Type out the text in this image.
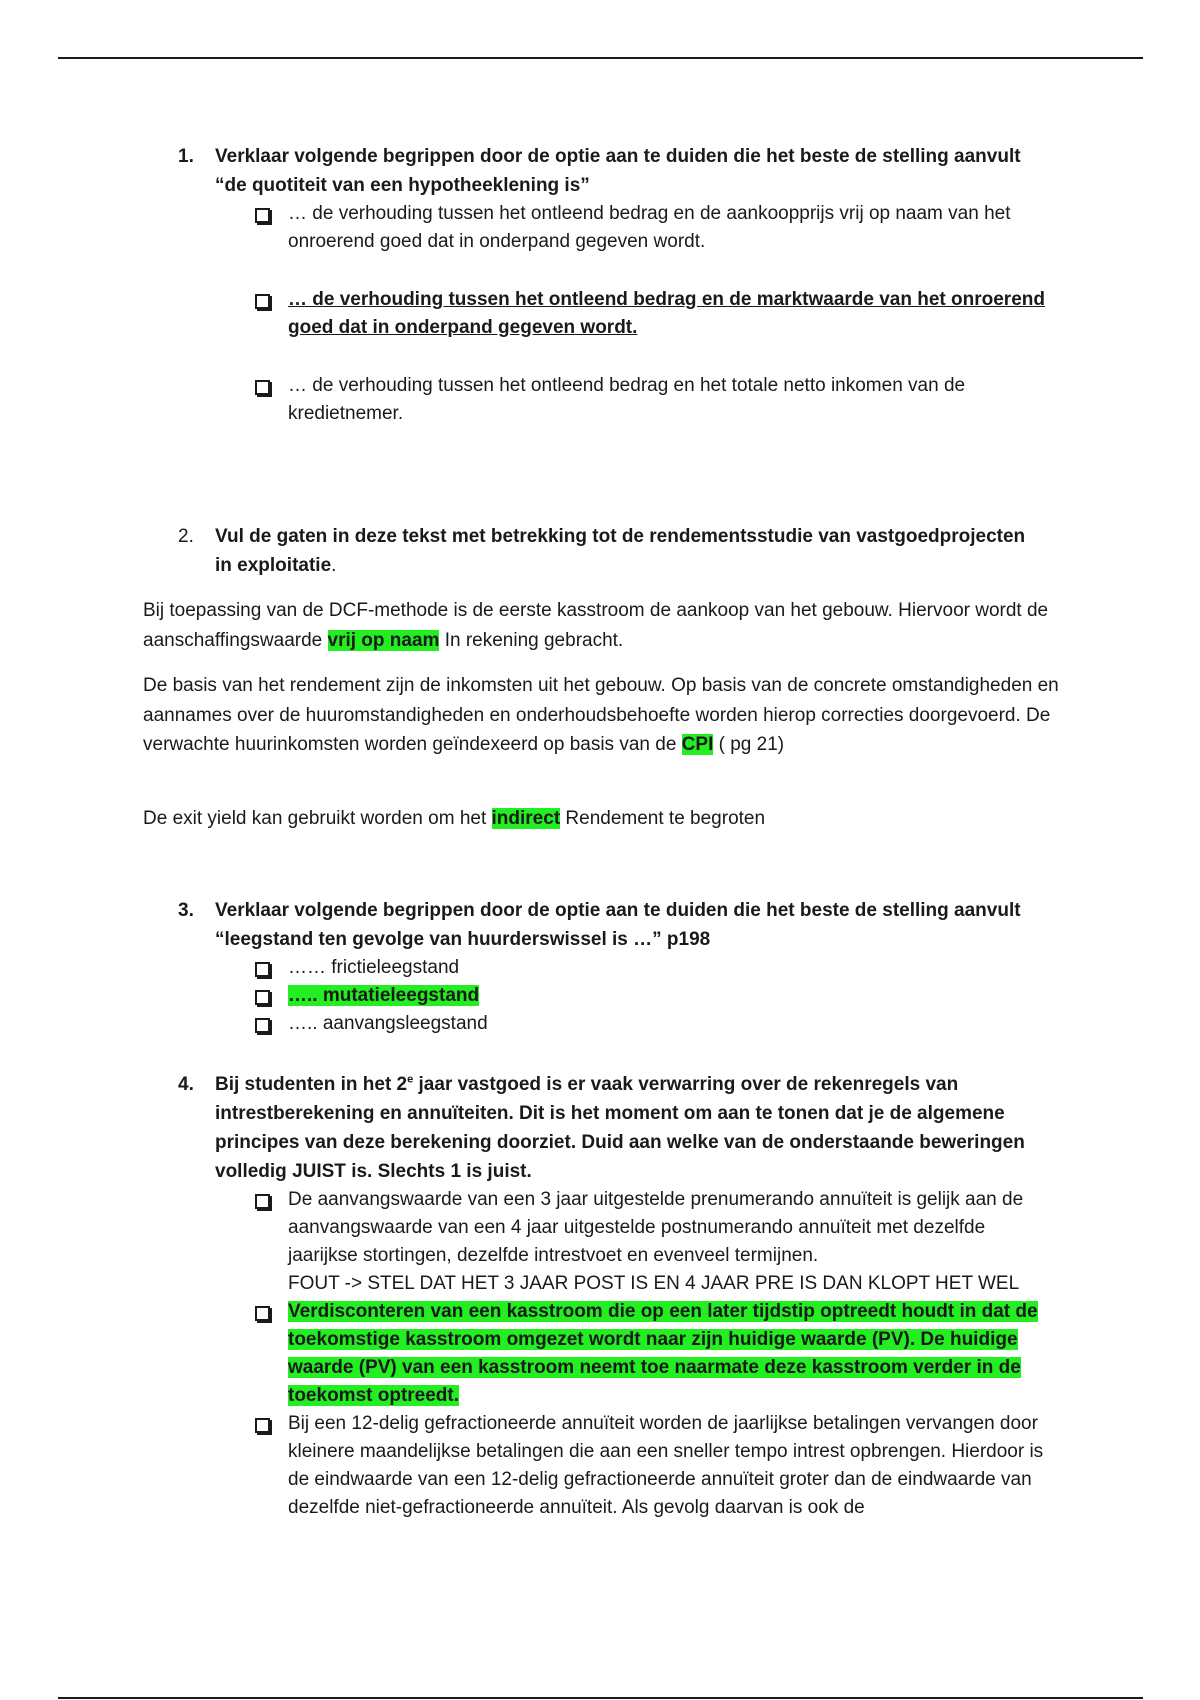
1. Verklaar volgende begrippen door de optie aan te duiden die het beste de stelling aanvult
“de quotiteit van een hypotheeklening is”
… de verhouding tussen het ontleend bedrag en de aankoopprijs vrij op naam van het onroerend goed dat in onderpand gegeven wordt.
… de verhouding tussen het ontleend bedrag en de marktwaarde van het onroerend goed dat in onderpand gegeven wordt.
… de verhouding tussen het ontleend bedrag en het totale netto inkomen van de kredietnemer.
2. Vul de gaten in deze tekst met betrekking tot de rendementsstudie van vastgoedprojecten in exploitatie.

Bij toepassing van de DCF-methode is de eerste kasstroom de aankoop van het gebouw. Hiervoor wordt de aanschaffingswaarde vrij op naam In rekening gebracht.

De basis van het rendement zijn de inkomsten uit het gebouw. Op basis van de concrete omstandigheden en aannames over de huuromstandigheden en onderhoudsbehoefte worden hierop correcties doorgevoerd. De verwachte huurinkomsten worden geïndexeerd op basis van de CPI ( pg 21)

De exit yield kan gebruikt worden om het indirect Rendement te begroten

3. Verklaar volgende begrippen door de optie aan te duiden die het beste de stelling aanvult
“leegstand ten gevolge van huurderswissel is …” p198
…… frictieleegstand
….. mutatieleegstand
….. aanvangsleegstand
4. Bij studenten in het 2e jaar vastgoed is er vaak verwarring over de rekenregels van intrestberekening en annuïteiten. Dit is het moment om aan te tonen dat je de algemene principes van deze berekening doorziet. Duid aan welke van de onderstaande beweringen volledig JUIST is. Slechts 1 is juist.
De aanvangswaarde van een 3 jaar uitgestelde prenumerando annuïteit is gelijk aan de aanvangswaarde van een 4 jaar uitgestelde postnumerando annuïteit met dezelfde jaarijkse stortingen, dezelfde intrestvoet en evenveel termijnen.
FOUT -> STEL DAT HET 3 JAAR POST IS EN 4 JAAR PRE IS DAN KLOPT HET WEL
Verdisconteren van een kasstroom die op een later tijdstip optreedt houdt in dat de toekomstige kasstroom omgezet wordt naar zijn huidige waarde (PV). De huidige waarde (PV) van een kasstroom neemt toe naarmate deze kasstroom verder in de toekomst optreedt.
Bij een 12-delig gefractioneerde annuïteit worden de jaarlijkse betalingen vervangen door kleinere maandelijkse betalingen die aan een sneller tempo intrest opbrengen. Hierdoor is de eindwaarde van een 12-delig gefractioneerde annuïteit groter dan de eindwaarde van dezelfde niet-gefractioneerde annuïteit. Als gevolg daarvan is ook de
